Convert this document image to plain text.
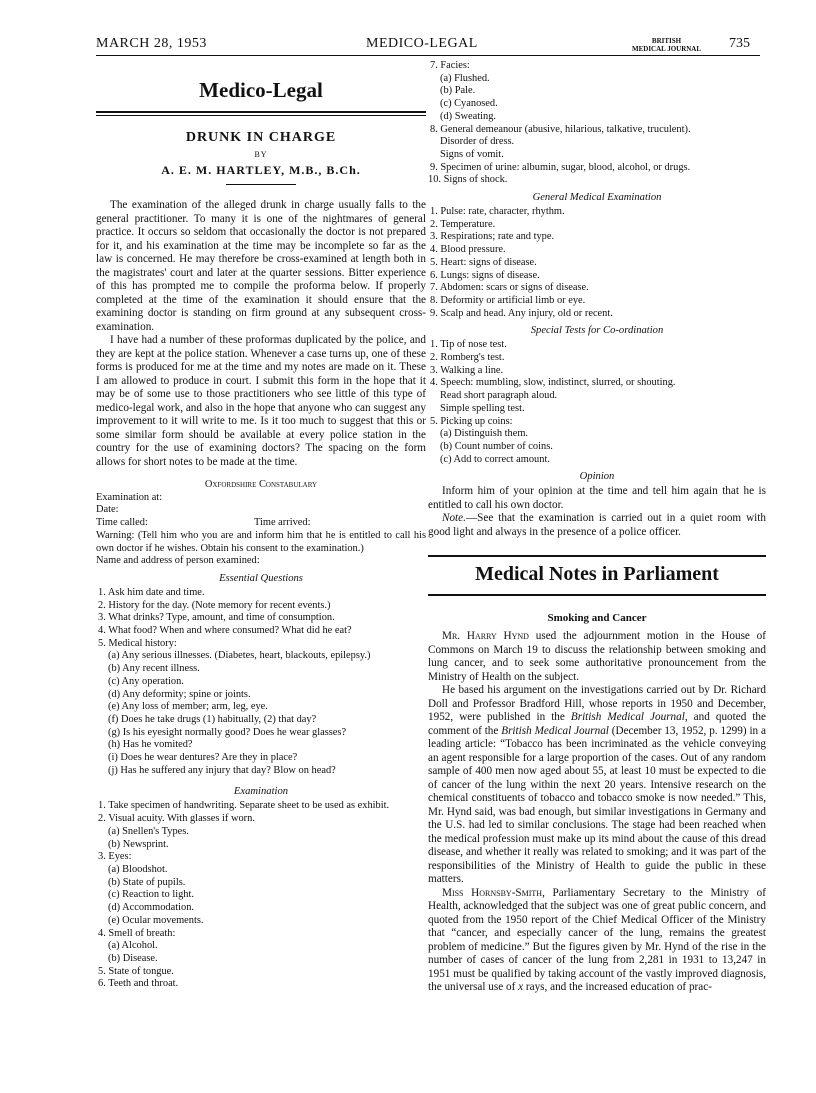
MARCH 28, 1953	MEDICO-LEGAL	BRITISH
MEDICAL JOURNAL 735
Medico-Legal
DRUNK IN CHARGE
BY
A. E. M. HARTLEY, M.B., B.Ch.

The examination of the alleged drunk in charge usually falls to the general practitioner. To many it is one of the nightmares of general practice. It occurs so seldom that occasionally the doctor is not prepared for it, and his examination at the time may be incomplete so far as the law is concerned. He may therefore be cross-examined at length both in the magistrates' court and later at the quarter sessions. Bitter experience of this has prompted me to compile the proforma below. If properly completed at the time of the examination it should ensure that the examining doctor is standing on firm ground at any subsequent cross-examination.

I have had a number of these proformas duplicated by the police, and they are kept at the police station. Whenever a case turns up, one of these forms is produced for me at the time and my notes are made on it. These I am allowed to produce in court. I submit this form in the hope that it may be of some use to those practitioners who see little of this type of medico-legal work, and also in the hope that anyone who can suggest any improvement to it will write to me. Is it too much to suggest that this or some similar form should be available at every police station in the country for the use of examining doctors? The spacing on the form allows for short notes to be made at the time.

Oxfordshire Constabulary
Examination at:
Date:
Time called:	Time arrived:

Warning: (Tell him who you are and inform him that he is entitled to call his own doctor if he wishes. Obtain his consent to the examination.)

Name and address of person examined:
Essential Questions
1. Ask him date and time.
2. History for the day. (Note memory for recent events.)
3. What drinks? Type, amount, and time of consumption.
4. What food? When and where consumed? What did he eat?
5. Medical history:
(a) Any serious illnesses. (Diabetes, heart, blackouts, epilepsy.)
(b) Any recent illness.
(c) Any operation.
(d) Any deformity; spine or joints.
(e) Any loss of member; arm, leg, eye.
(f) Does he take drugs (1) habitually, (2) that day?
(g) Is his eyesight normally good? Does he wear glasses?
(h) Has he vomited?
(i) Does he wear dentures? Are they in place?
(j) Has he suffered any injury that day? Blow on head?
Examination
1. Take specimen of handwriting. Separate sheet to be used as exhibit.
2. Visual acuity. With glasses if worn.
(a) Snellen's Types.
(b) Newsprint.
3. Eyes:
(a) Bloodshot.
(b) State of pupils.
(c) Reaction to light.
(d) Accommodation.
(e) Ocular movements.
4. Smell of breath:
(a) Alcohol.
(b) Disease.
5. State of tongue.
6. Teeth and throat.
7. Facies:
(a) Flushed.
(b) Pale.
(c) Cyanosed.
(d) Sweating.
8. General demeanour (abusive, hilarious, talkative, truculent).
Disorder of dress.
Signs of vomit.
9. Specimen of urine: albumin, sugar, blood, alcohol, or drugs.
10. Signs of shock.
General Medical Examination
1. Pulse: rate, character, rhythm.
2. Temperature.
3. Respirations; rate and type.
4. Blood pressure.
5. Heart: signs of disease.
6. Lungs: signs of disease.
7. Abdomen: scars or signs of disease.
8. Deformity or artificial limb or eye.
9. Scalp and head. Any injury, old or recent.
Special Tests for Co-ordination
1. Tip of nose test.
2. Romberg's test.
3. Walking a line.
4. Speech: mumbling, slow, indistinct, slurred, or shouting.
Read short paragraph aloud.
Simple spelling test.
5. Picking up coins:
(a) Distinguish them.
(b) Count number of coins.
(c) Add to correct amount.
Opinion

Inform him of your opinion at the time and tell him again that he is entitled to call his own doctor.

Note.—See that the examination is carried out in a quiet room with good light and always in the presence of a police officer.

Medical Notes in Parliament
Smoking and Cancer

Mr. Harry Hynd used the adjournment motion in the House of Commons on March 19 to discuss the relationship between smoking and lung cancer, and to seek some authoritative pronouncement from the Ministry of Health on the subject.

He based his argument on the investigations carried out by Dr. Richard Doll and Professor Bradford Hill, whose reports in 1950 and December, 1952, were published in the British Medical Journal, and quoted the comment of the British Medical Journal (December 13, 1952, p. 1299) in a leading article: “Tobacco has been incriminated as the vehicle conveying an agent responsible for a large proportion of the cases. Out of any random sample of 400 men now aged about 55, at least 10 must be expected to die of cancer of the lung within the next 20 years. Intensive research on the chemical constituents of tobacco and tobacco smoke is now needed.” This, Mr. Hynd said, was bad enough, but similar investigations in Germany and the U.S. had led to similar conclusions. The stage had been reached when the medical profession must make up its mind about the cause of this dread disease, and whether it really was related to smoking; and it was part of the responsibilities of the Ministry of Health to guide the public in these matters.

Miss Hornsby-Smith, Parliamentary Secretary to the Ministry of Health, acknowledged that the subject was one of great public concern, and quoted from the 1950 report of the Chief Medical Officer of the Ministry that “cancer, and especially cancer of the lung, remains the greatest problem of medicine.” But the figures given by Mr. Hynd of the rise in the number of cases of cancer of the lung from 2,281 in 1931 to 13,247 in 1951 must be qualified by taking account of the vastly improved diagnosis, the universal use of x rays, and the increased education of prac-
